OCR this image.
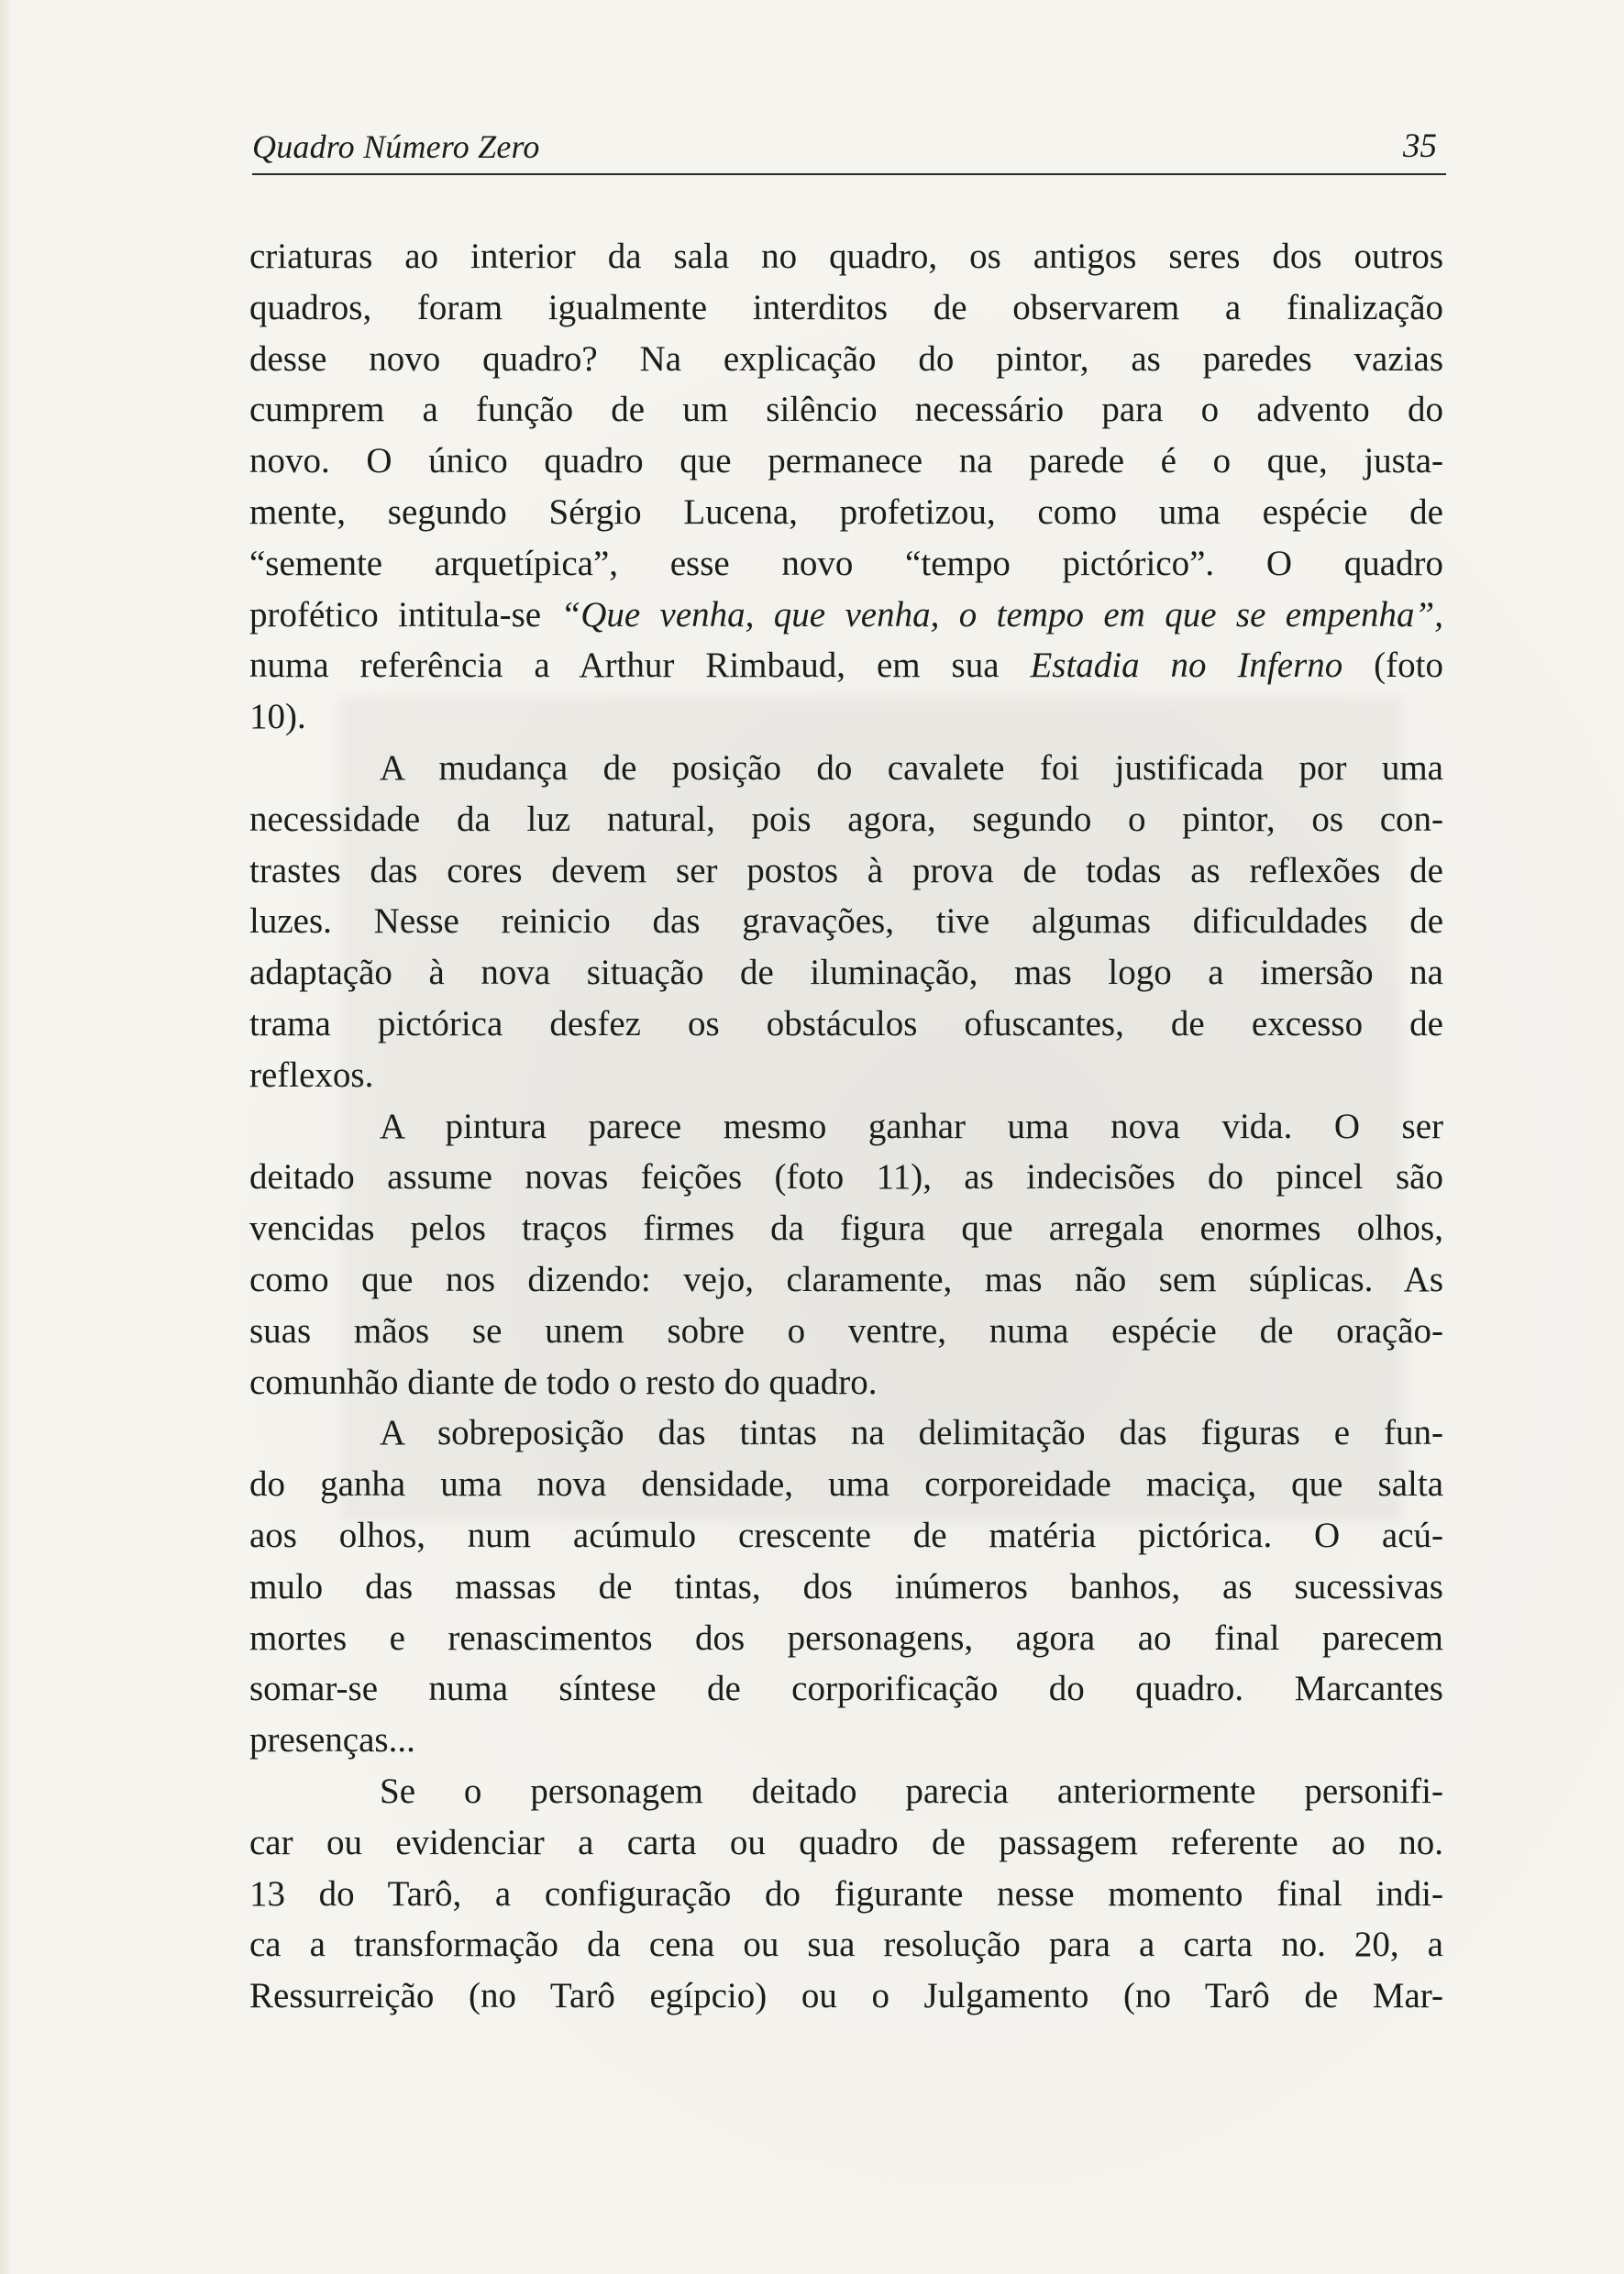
Quadro Número Zero	35
criaturas ao interior da sala no quadro, os antigos seres dos outros
quadros, foram igualmente interditos de observarem a finalização
desse novo quadro? Na explicação do pintor, as paredes vazias
cumprem a função de um silêncio necessário para o advento do
novo. O único quadro que permanece na parede é o que, justa-
mente, segundo Sérgio Lucena, profetizou, como uma espécie de
“semente arquetípica”, esse novo “tempo pictórico”. O quadro
profético intitula-se “Que venha, que venha, o tempo em que se empenha”,
numa referência a Arthur Rimbaud, em sua Estadia no Inferno (foto
10).
A mudança de posição do cavalete foi justificada por uma
necessidade da luz natural, pois agora, segundo o pintor, os con-
trastes das cores devem ser postos à prova de todas as reflexões de
luzes. Nesse reinicio das gravações, tive algumas dificuldades de
adaptação à nova situação de iluminação, mas logo a imersão na
trama pictórica desfez os obstáculos ofuscantes, de excesso de
reflexos.
A pintura parece mesmo ganhar uma nova vida. O ser
deitado assume novas feições (foto 11), as indecisões do pincel são
vencidas pelos traços firmes da figura que arregala enormes olhos,
como que nos dizendo: vejo, claramente, mas não sem súplicas. As
suas mãos se unem sobre o ventre, numa espécie de oração-
comunhão diante de todo o resto do quadro.
A sobreposição das tintas na delimitação das figuras e fun-
do ganha uma nova densidade, uma corporeidade maciça, que salta
aos olhos, num acúmulo crescente de matéria pictórica. O acú-
mulo das massas de tintas, dos inúmeros banhos, as sucessivas
mortes e renascimentos dos personagens, agora ao final parecem
somar-se numa síntese de corporificação do quadro. Marcantes
presenças...
Se o personagem deitado parecia anteriormente personifi-
car ou evidenciar a carta ou quadro de passagem referente ao no.
13 do Tarô, a configuração do figurante nesse momento final indi-
ca a transformação da cena ou sua resolução para a carta no. 20, a
Ressurreição (no Tarô egípcio) ou o Julgamento (no Tarô de Mar-
